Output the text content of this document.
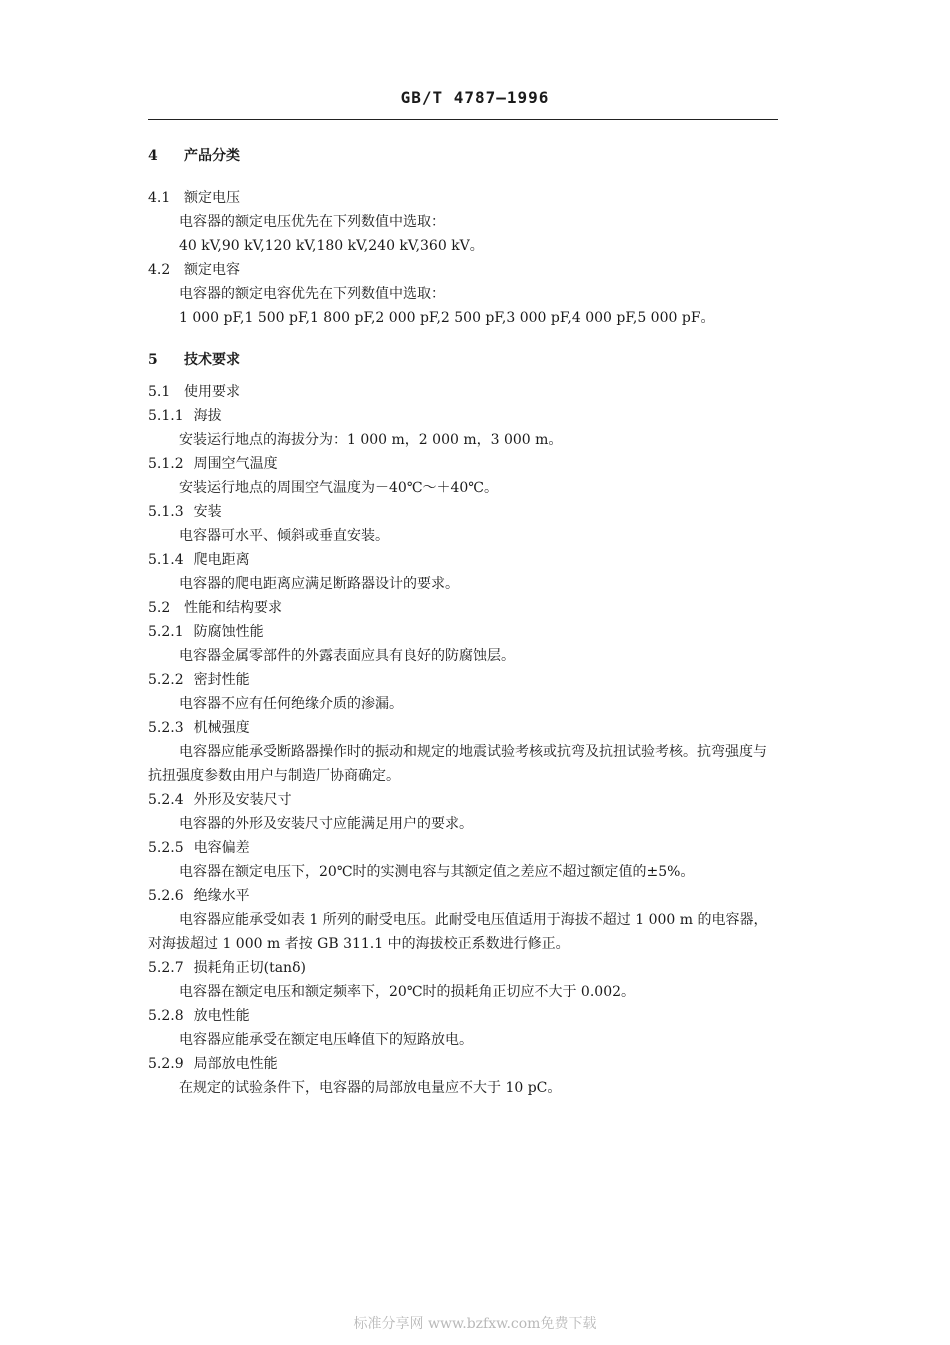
GB/T 4787—1996
4 产品分类
4.1 额定电压
电容器的额定电压优先在下列数值中选取：
40 kV,90 kV,120 kV,180 kV,240 kV,360 kV。
4.2 额定电容
电容器的额定电容优先在下列数值中选取：
1 000 pF,1 500 pF,1 800 pF,2 000 pF,2 500 pF,3 000 pF,4 000 pF,5 000 pF。
5 技术要求
5.1 使用要求
5.1.1 海拔
安装运行地点的海拔分为：1 000 m，2 000 m，3 000 m。
5.1.2 周围空气温度
安装运行地点的周围空气温度为－40℃～＋40℃。
5.1.3 安装
电容器可水平、倾斜或垂直安装。
5.1.4 爬电距离
电容器的爬电距离应满足断路器设计的要求。
5.2 性能和结构要求
5.2.1 防腐蚀性能
电容器金属零部件的外露表面应具有良好的防腐蚀层。
5.2.2 密封性能
电容器不应有任何绝缘介质的渗漏。
5.2.3 机械强度
电容器应能承受断路器操作时的振动和规定的地震试验考核或抗弯及抗扭试验考核。抗弯强度与抗扭强度参数由用户与制造厂协商确定。
5.2.4 外形及安装尺寸
电容器的外形及安装尺寸应能满足用户的要求。
5.2.5 电容偏差
电容器在额定电压下，20℃时的实测电容与其额定值之差应不超过额定值的±5%。
5.2.6 绝缘水平
电容器应能承受如表 1 所列的耐受电压。此耐受电压值适用于海拔不超过 1 000 m 的电容器，对海拔超过 1 000 m 者按 GB 311.1 中的海拔校正系数进行修正。
5.2.7 损耗角正切(tanδ)
电容器在额定电压和额定频率下，20℃时的损耗角正切应不大于 0.002。
5.2.8 放电性能
电容器应能承受在额定电压峰值下的短路放电。
5.2.9 局部放电性能
在规定的试验条件下，电容器的局部放电量应不大于 10 pC。
标准分享网 www.bzfxw.com免费下载
